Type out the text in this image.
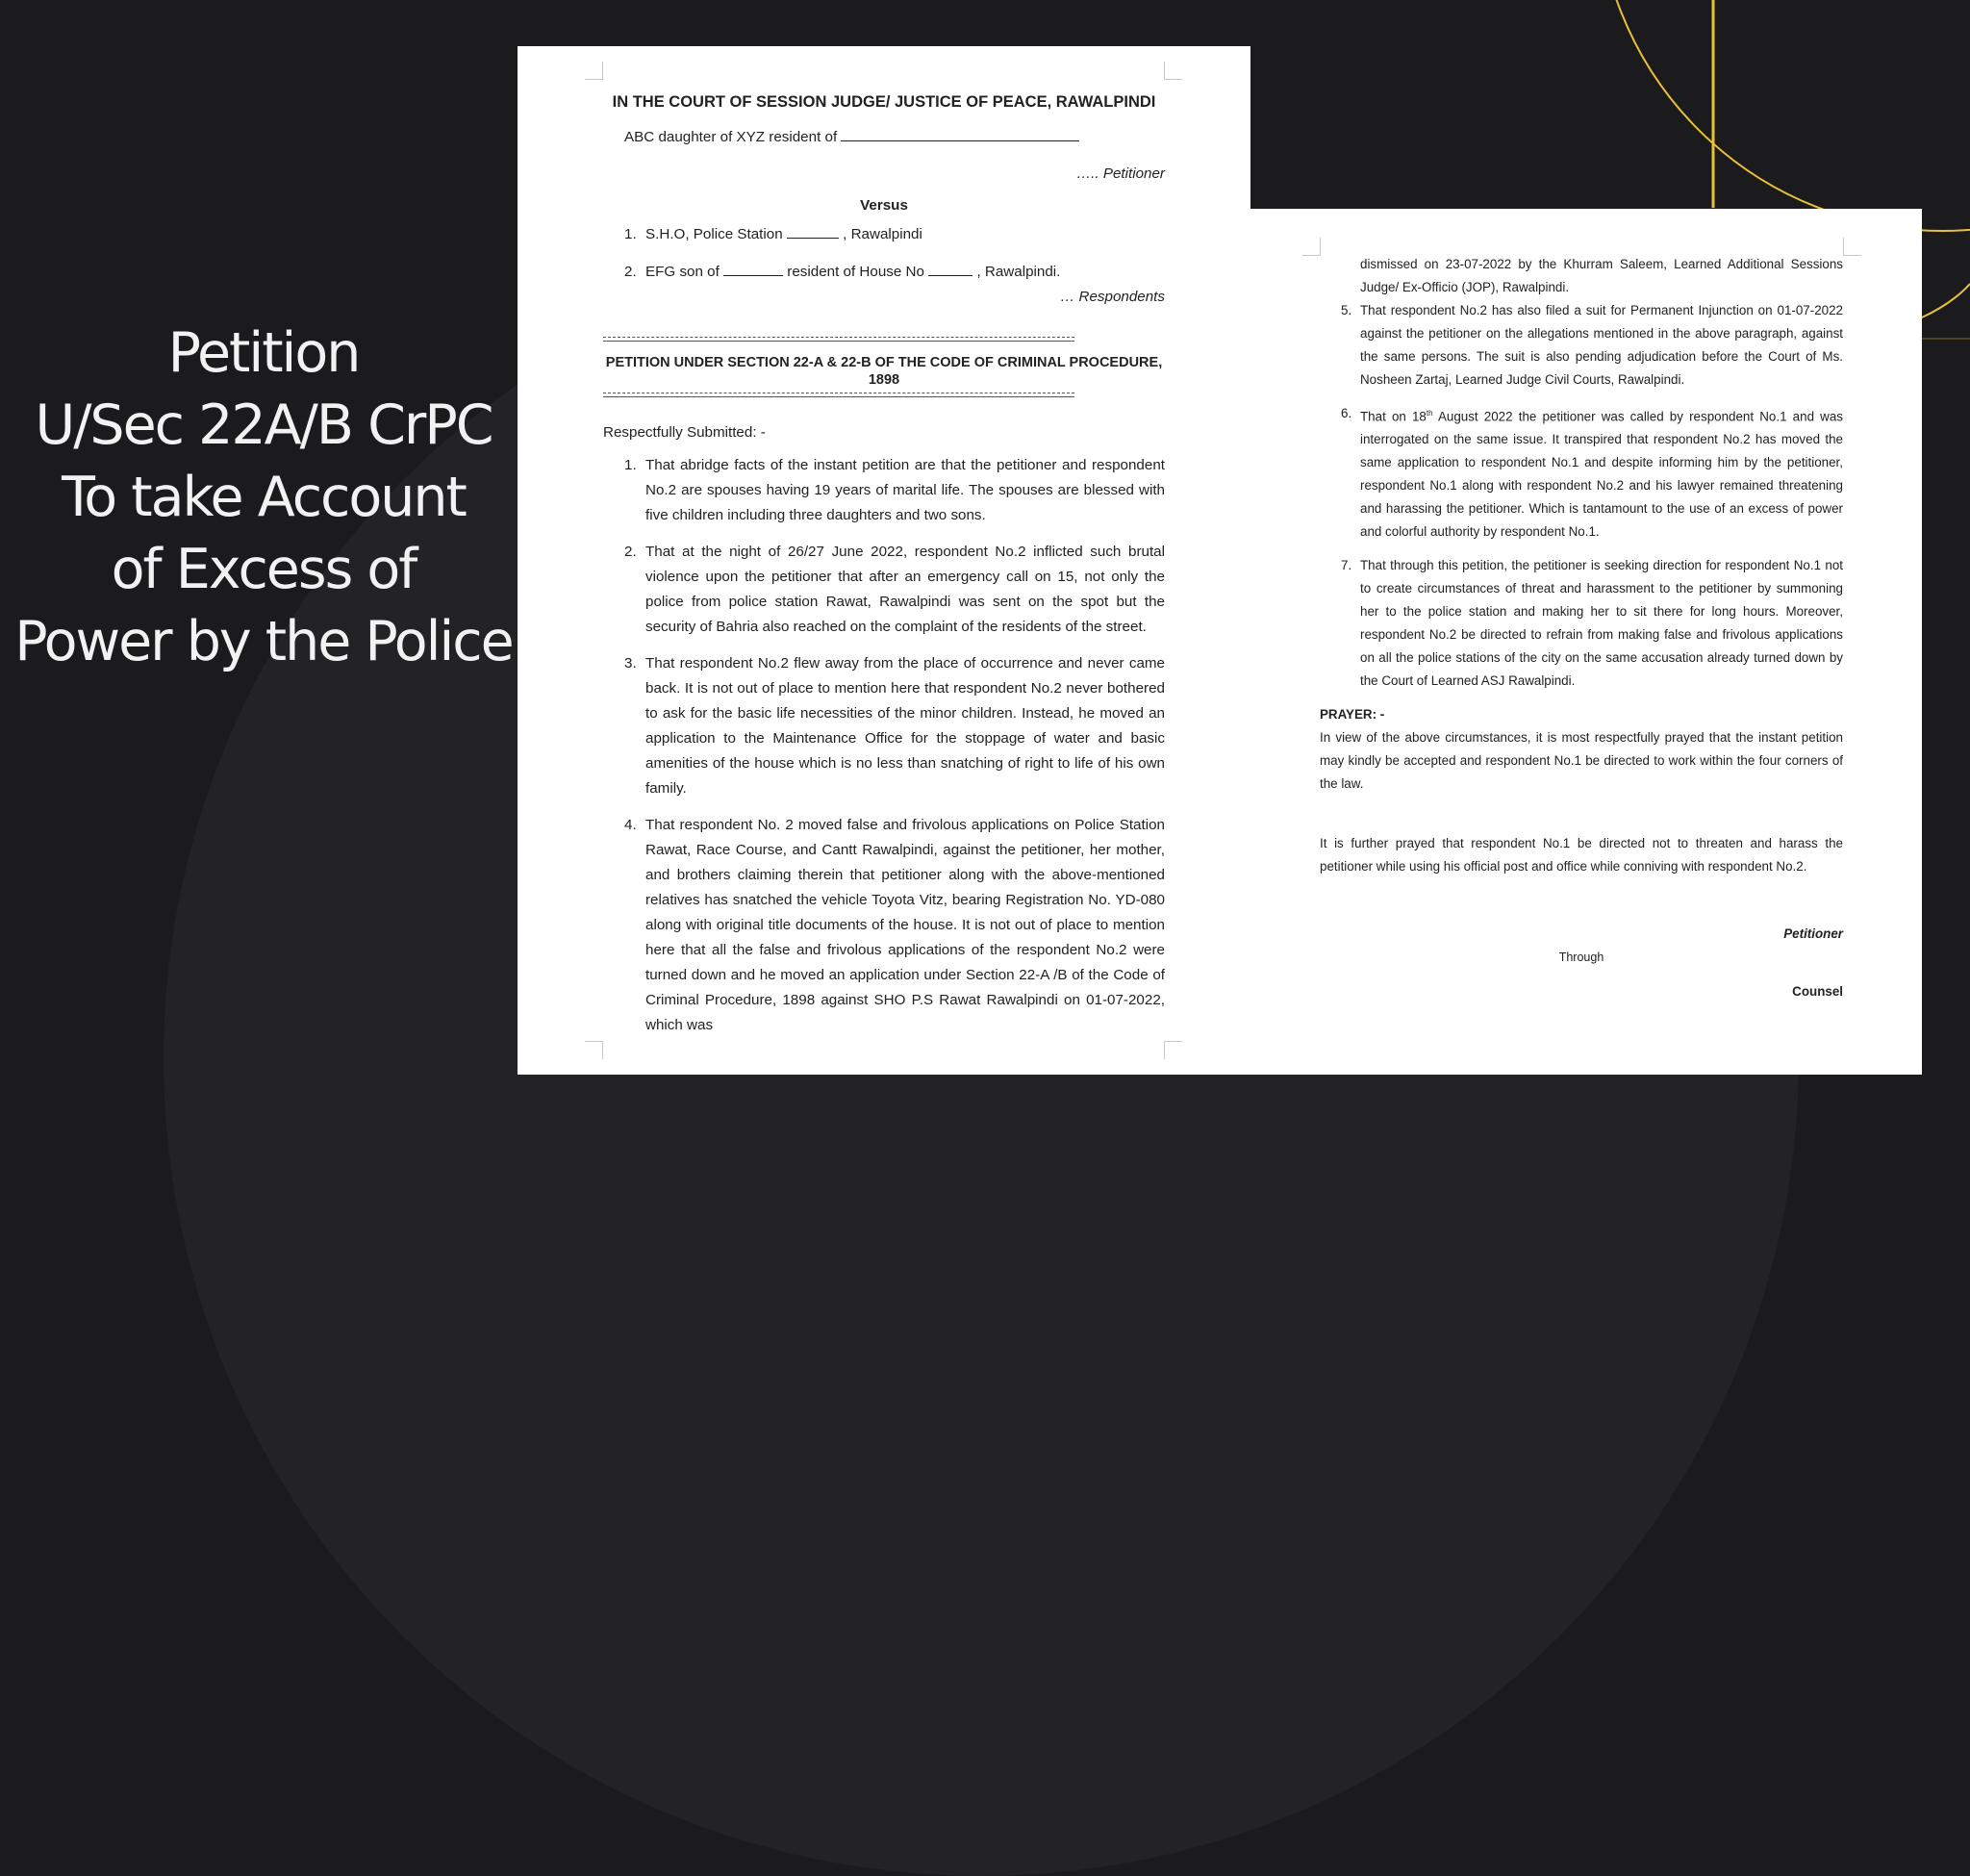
Petition
U/Sec 22A/B CrPC
To take Account
of Excess of
Power by the Police

IN THE COURT OF SESSION JUDGE/ JUSTICE OF PEACE, RAWALPINDI

ABC daughter of XYZ resident of

….. Petitioner

Versus

1. S.H.O, Police Station	, Rawalpindi
2. EFG son of	resident of House No	, Rawalpindi.

… Respondents

PETITION UNDER SECTION 22-A & 22-B OF THE CODE OF CRIMINAL PROCEDURE, 1898

Respectfully Submitted: -

1. That abridge facts of the instant petition are that the petitioner and respondent No.2 are spouses having 19 years of marital life. The spouses are blessed with five children including three daughters and two sons.
2. That at the night of 26/27 June 2022, respondent No.2 inflicted such brutal violence upon the petitioner that after an emergency call on 15, not only the police from police station Rawat, Rawalpindi was sent on the spot but the security of Bahria also reached on the complaint of the residents of the street.
3. That respondent No.2 flew away from the place of occurrence and never came back. It is not out of place to mention here that respondent No.2 never bothered to ask for the basic life necessities of the minor children. Instead, he moved an application to the Maintenance Office for the stoppage of water and basic amenities of the house which is no less than snatching of right to life of his own family.
4. That respondent No. 2 moved false and frivolous applications on Police Station Rawat, Race Course, and Cantt Rawalpindi, against the petitioner, her mother, and brothers claiming therein that petitioner along with the above-mentioned relatives has snatched the vehicle Toyota Vitz, bearing Registration No. YD-080 along with original title documents of the house. It is not out of place to mention here that all the false and frivolous applications of the respondent No.2 were turned down and he moved an application under Section 22-A /B of the Code of Criminal Procedure, 1898 against SHO P.S Rawat Rawalpindi on 01-07-2022, which was

dismissed on 23-07-2022 by the Khurram Saleem, Learned Additional Sessions Judge/ Ex-Officio (JOP), Rawalpindi.

5. That respondent No.2 has also filed a suit for Permanent Injunction on 01-07-2022 against the petitioner on the allegations mentioned in the above paragraph, against the same persons. The suit is also pending adjudication before the Court of Ms. Nosheen Zartaj, Learned Judge Civil Courts, Rawalpindi.
6. That on 18th August 2022 the petitioner was called by respondent No.1 and was interrogated on the same issue. It transpired that respondent No.2 has moved the same application to respondent No.1 and despite informing him by the petitioner, respondent No.1 along with respondent No.2 and his lawyer remained threatening and harassing the petitioner. Which is tantamount to the use of an excess of power and colorful authority by respondent No.1.
7. That through this petition, the petitioner is seeking direction for respondent No.1 not to create circumstances of threat and harassment to the petitioner by summoning her to the police station and making her to sit there for long hours. Moreover, respondent No.2 be directed to refrain from making false and frivolous applications on all the police stations of the city on the same accusation already turned down by the Court of Learned ASJ Rawalpindi.

PRAYER: -

In view of the above circumstances, it is most respectfully prayed that the instant petition may kindly be accepted and respondent No.1 be directed to work within the four corners of the law.

It is further prayed that respondent No.1 be directed not to threaten and harass the petitioner while using his official post and office while conniving with respondent No.2.

Petitioner

Through

Counsel
